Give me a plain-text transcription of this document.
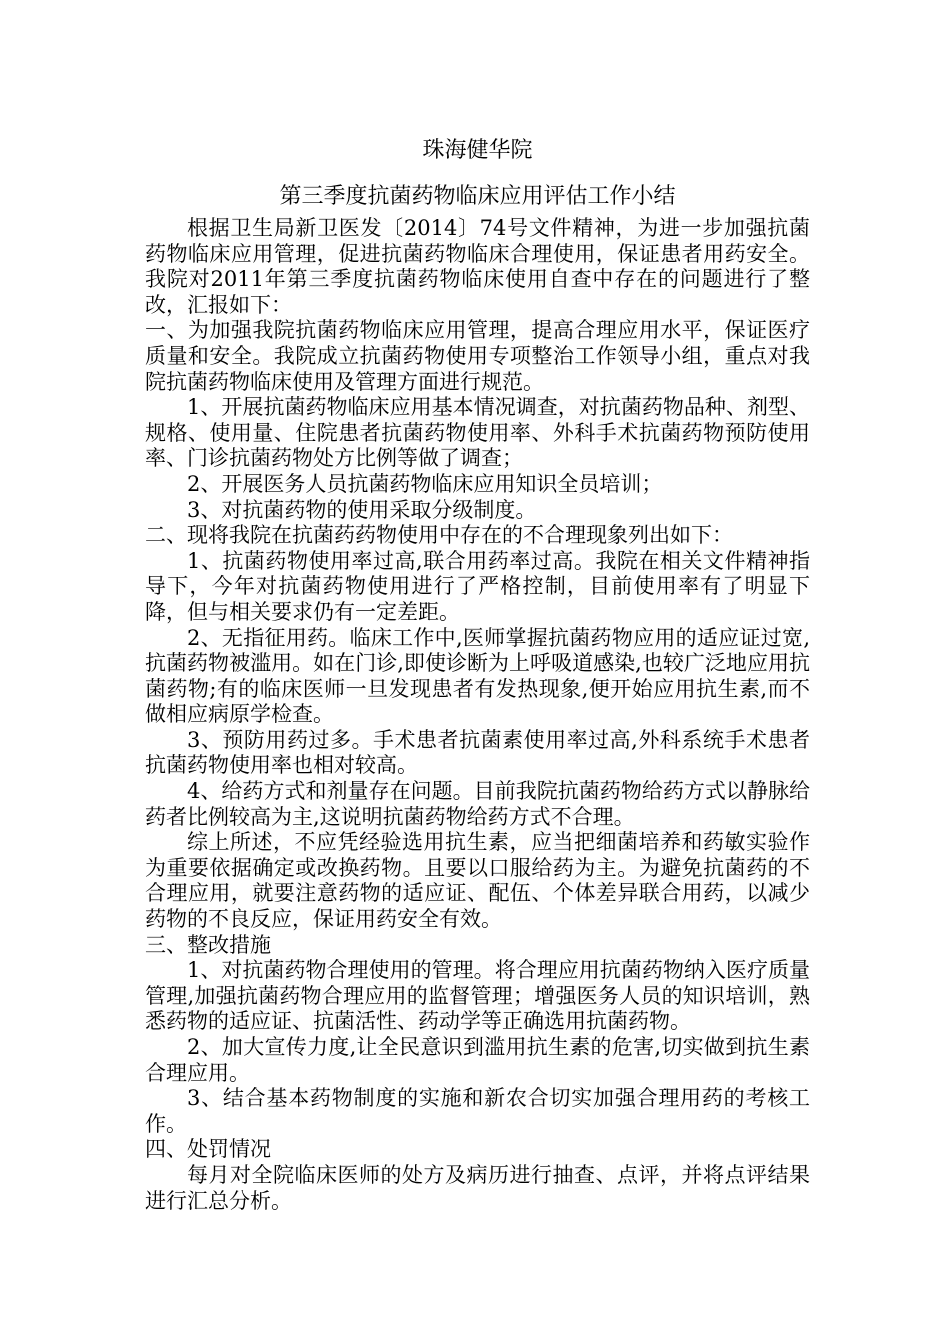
珠海健华院
第三季度抗菌药物临床应用评估工作小结

根据卫生局新卫医发〔2014〕74号文件精神，为进一步加强抗菌药物临床应用管理，促进抗菌药物临床合理使用，保证患者用药安全。我院对2011年第三季度抗菌药物临床使用自查中存在的问题进行了整改，汇报如下：

一、为加强我院抗菌药物临床应用管理，提高合理应用水平，保证医疗质量和安全。我院成立抗菌药物使用专项整治工作领导小组，重点对我院抗菌药物临床使用及管理方面进行规范。

1、开展抗菌药物临床应用基本情况调查，对抗菌药物品种、剂型、规格、使用量、住院患者抗菌药物使用率、外科手术抗菌药物预防使用率、门诊抗菌药物处方比例等做了调查；

2、开展医务人员抗菌药物临床应用知识全员培训；

3、对抗菌药物的使用采取分级制度。

二、现将我院在抗菌药药物使用中存在的不合理现象列出如下：

1、抗菌药物使用率过高,联合用药率过高。我院在相关文件精神指导下，今年对抗菌药物使用进行了严格控制，目前使用率有了明显下降，但与相关要求仍有一定差距。

2、无指征用药。临床工作中,医师掌握抗菌药物应用的适应证过宽,抗菌药物被滥用。如在门诊,即使诊断为上呼吸道感染,也较广泛地应用抗菌药物;有的临床医师一旦发现患者有发热现象,便开始应用抗生素,而不做相应病原学检查。

3、预防用药过多。手术患者抗菌素使用率过高,外科系统手术患者抗菌药物使用率也相对较高。

4、给药方式和剂量存在问题。目前我院抗菌药物给药方式以静脉给药者比例较高为主,这说明抗菌药物给药方式不合理。

综上所述，不应凭经验选用抗生素，应当把细菌培养和药敏实验作为重要依据确定或改换药物。且要以口服给药为主。为避免抗菌药的不合理应用，就要注意药物的适应证、配伍、个体差异联合用药，以减少药物的不良反应，保证用药安全有效。

三、整改措施

1、对抗菌药物合理使用的管理。将合理应用抗菌药物纳入医疗质量管理,加强抗菌药物合理应用的监督管理；增强医务人员的知识培训，熟悉药物的适应证、抗菌活性、药动学等正确选用抗菌药物。

2、加大宣传力度,让全民意识到滥用抗生素的危害,切实做到抗生素合理应用。

3、结合基本药物制度的实施和新农合切实加强合理用药的考核工作。

四、处罚情况

每月对全院临床医师的处方及病历进行抽查、点评，并将点评结果进行汇总分析。
